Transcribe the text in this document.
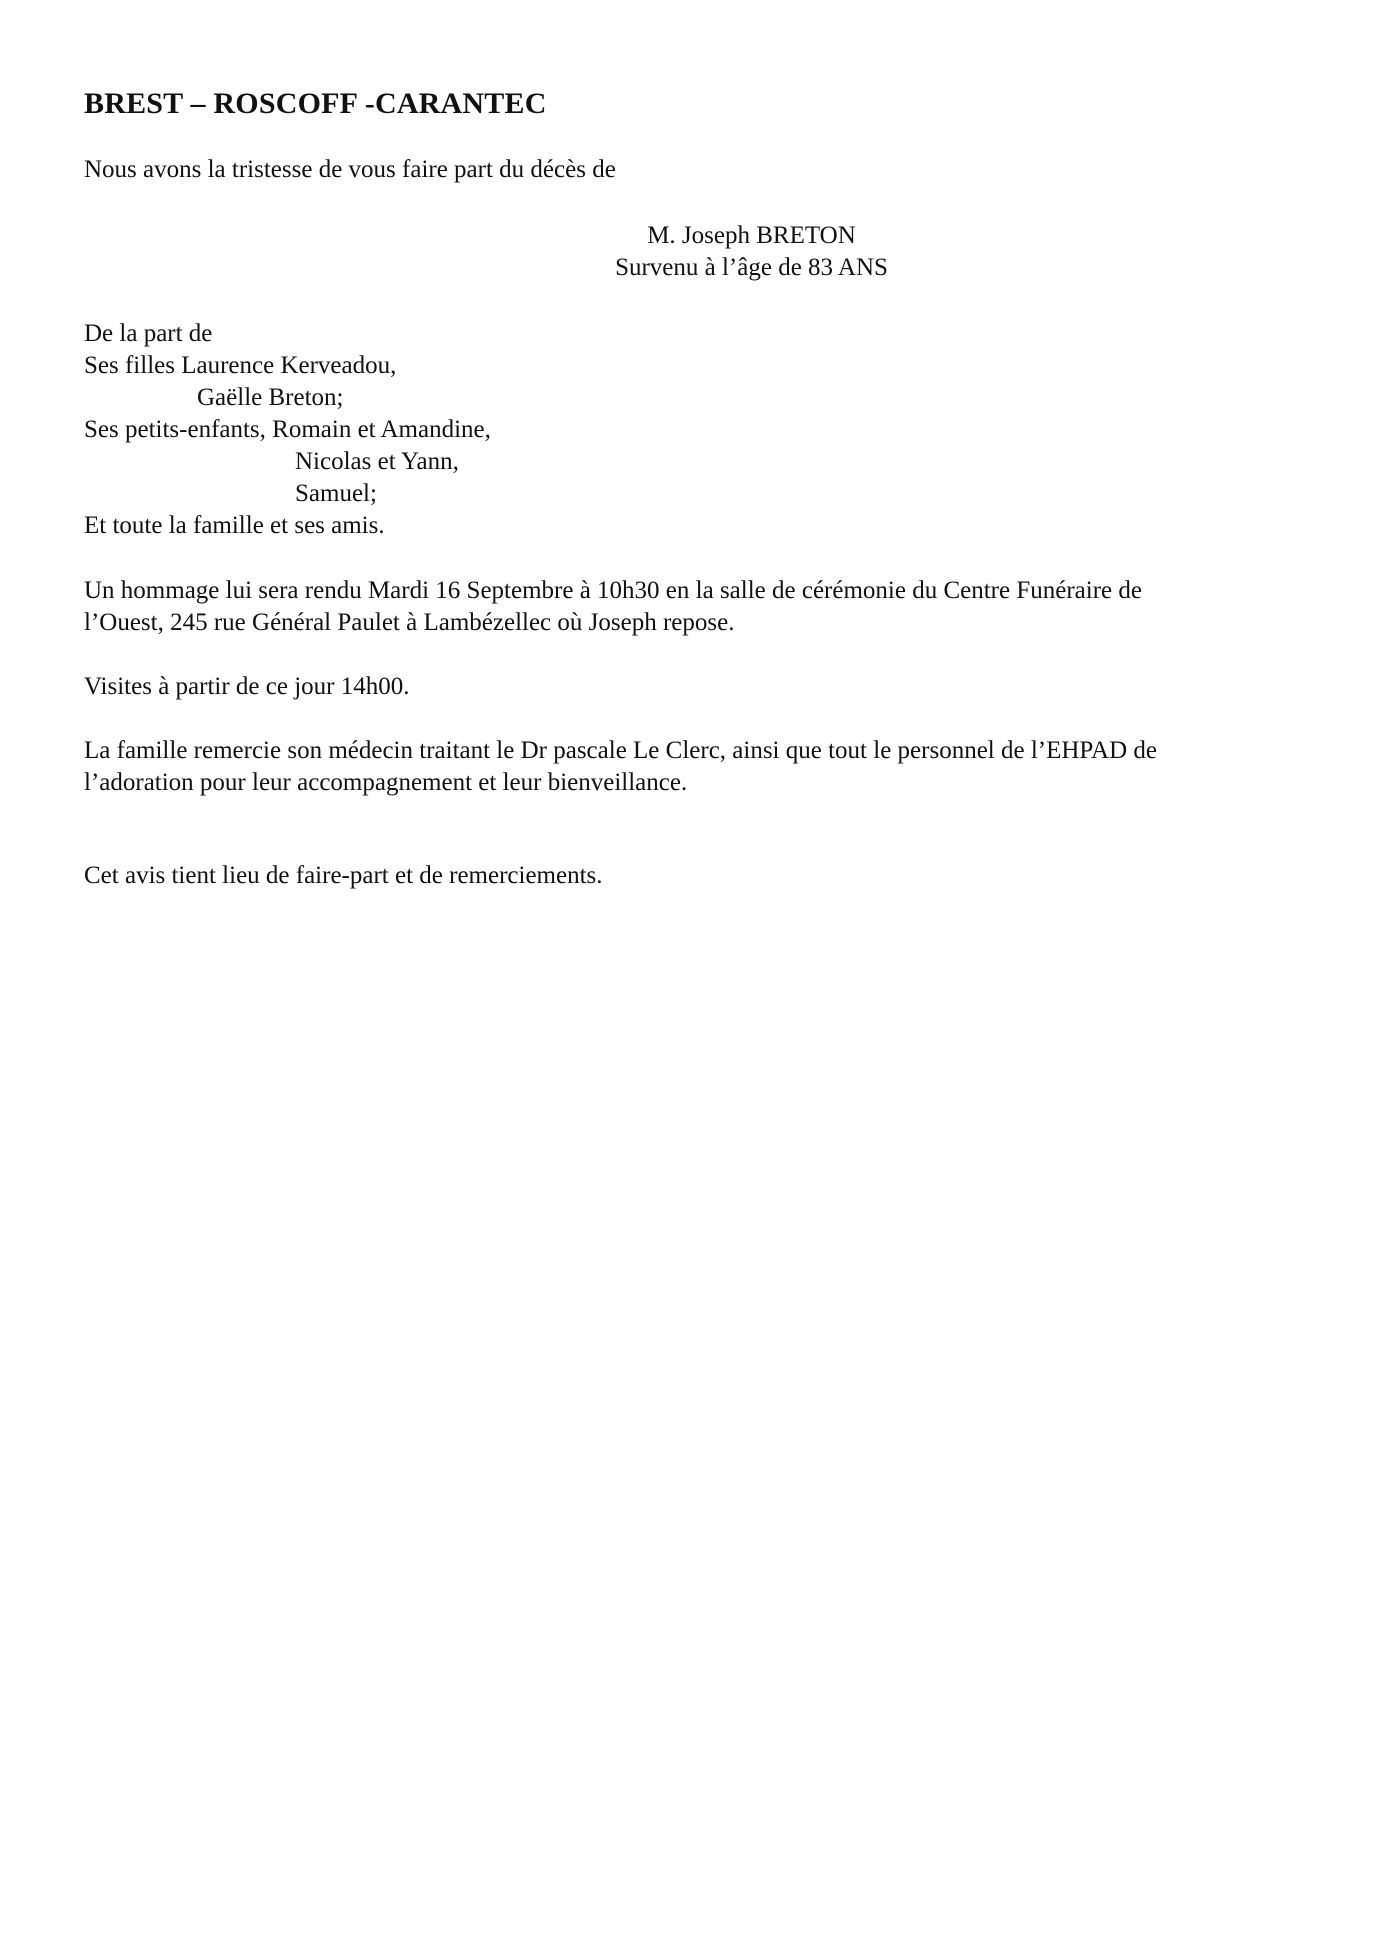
BREST – ROSCOFF -CARANTEC
Nous avons la tristesse de vous faire part du décès de
M. Joseph BRETON
Survenu à l’âge de 83 ANS
De la part de
Ses filles Laurence Kerveadou,
Gaëlle Breton;
Ses petits-enfants, Romain et Amandine,
Nicolas et Yann,
Samuel;
Et toute la famille et ses amis.
Un hommage lui sera rendu Mardi 16 Septembre à 10h30 en la salle de cérémonie du Centre Funéraire de
l’Ouest, 245 rue Général Paulet à Lambézellec où Joseph repose.
Visites à partir de ce jour 14h00.
La famille remercie son médecin traitant le Dr pascale Le Clerc, ainsi que tout le personnel de l’EHPAD de
l’adoration pour leur accompagnement et leur bienveillance.
Cet avis tient lieu de faire-part et de remerciements.
